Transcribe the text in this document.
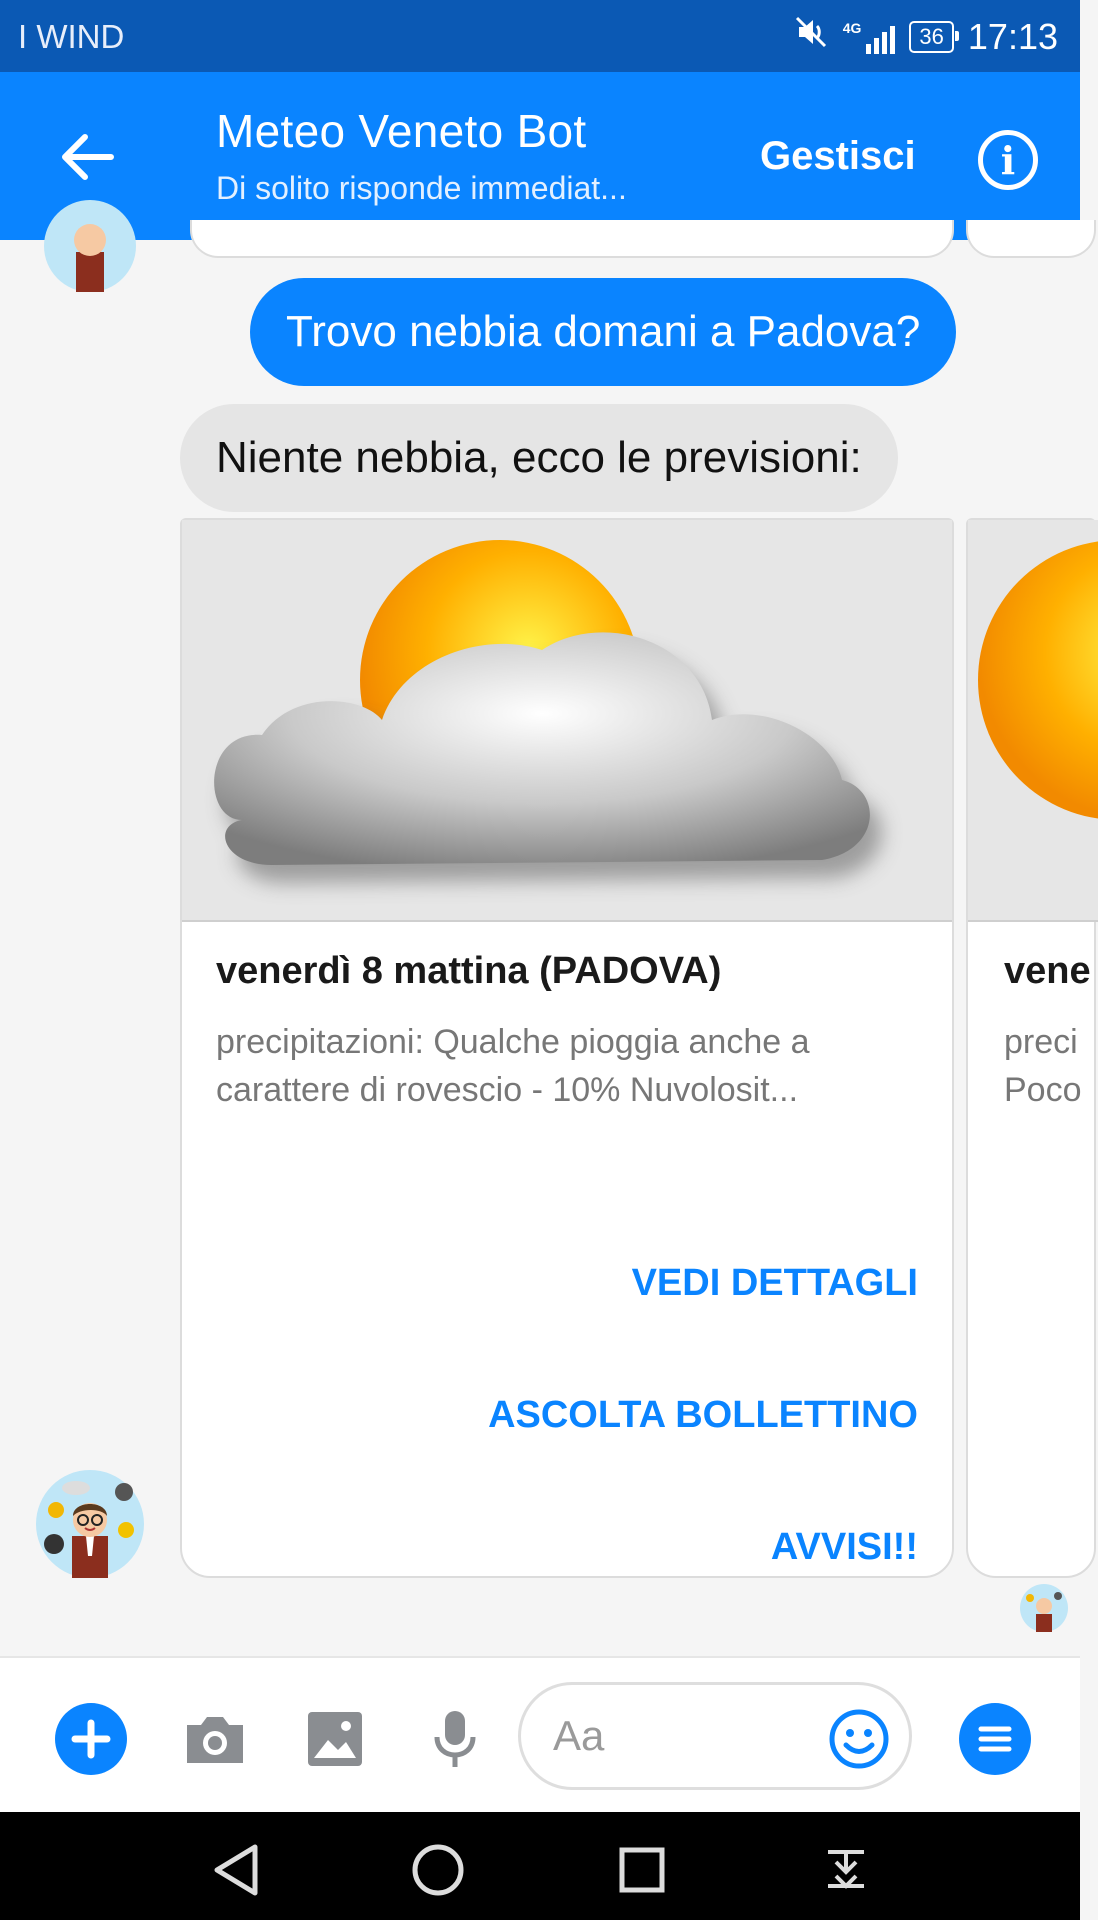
I WIND	4G	36 17:13
Meteo Veneto Bot
Di solito risponde immediat...
Gestisci	i
Trovo nebbia domani a Padova?
Niente nebbia, ecco le previsioni:
venerdì 8 mattina (PADOVA)
precipitazioni: Qualche pioggia anche a carattere di rovescio - 10% Nuvolosit...
VEDI DETTAGLI
ASCOLTA BOLLETTINO
AVVISI!!
vene
preci
Poco
Aa
